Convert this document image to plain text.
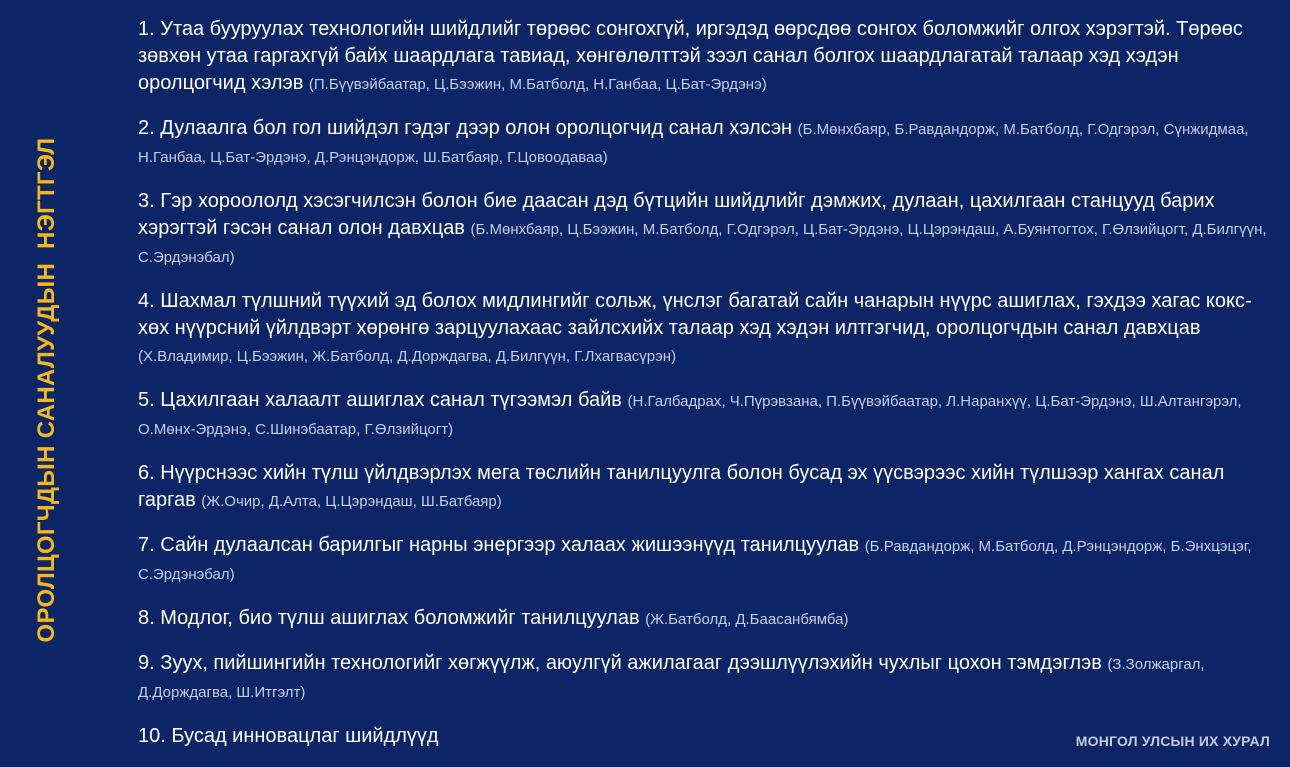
ОРОЛЦОГЧДЫН САНАЛУУДЫН  НЭГТГЭЛ
1. Утаа бууруулах технологийн шийдлийг төрөөс сонгохгүй, иргэдэд өөрсдөө сонгох боломжийг олгох хэрэгтэй. Төрөөс зөвхөн утаа гаргахгүй байх шаардлага тавиад, хөнгөлөлттэй зээл санал болгох шаардлагатай талаар хэд хэдэн оролцогчид хэлэв (П.Бүүвэйбаатар, Ц.Бээжин, М.Батболд, Н.Ганбаа, Ц.Бат-Эрдэнэ)
2. Дулаалга бол гол шийдэл гэдэг дээр олон оролцогчид санал хэлсэн (Б.Мөнхбаяр, Б.Равдандорж, М.Батболд, Г.Одгэрэл, Сүнжидмаа, Н.Ганбаа, Ц.Бат-Эрдэнэ, Д.Рэнцэндорж, Ш.Батбаяр, Г.Цовоодаваа)
3. Гэр хороололд хэсэгчилсэн болон бие даасан дэд бүтцийн шийдлийг дэмжих, дулаан, цахилгаан станцууд барих хэрэгтэй гэсэн санал олон давхцав (Б.Мөнхбаяр, Ц.Бээжин, М.Батболд, Г.Одгэрэл, Ц.Бат-Эрдэнэ, Ц.Цэрэндаш, А.Буянтогтох, Г.Өлзийцогт, Д.Билгүүн, С.Эрдэнэбал)
4. Шахмал түлшний түүхий эд болох мидлингийг сольж, үнслэг багатай сайн чанарын нүүрс ашиглах, гэхдээ хагас кокс-хөх нүүрсний үйлдвэрт хөрөнгө зарцуулахаас зайлсхийх талаар хэд хэдэн илтгэгчид, оролцогчдын санал давхцав (Х.Владимир, Ц.Бээжин, Ж.Батболд, Д.Дорждагва, Д.Билгүүн, Г.Лхагвасүрэн)
5. Цахилгаан халаалт ашиглах санал түгээмэл байв (Н.Галбадрах, Ч.Пүрэвзана, П.Бүүвэйбаатар, Л.Наранхүү, Ц.Бат-Эрдэнэ, Ш.Алтангэрэл, О.Мөнх-Эрдэнэ, С.Шинэбаатар, Г.Өлзийцогт)
6. Нүүрснээс хийн түлш үйлдвэрлэх мега төслийн танилцуулга болон бусад эх үүсвэрээс хийн түлшээр хангах санал гаргав (Ж.Очир, Д.Алта, Ц.Цэрэндаш, Ш.Батбаяр)
7. Сайн дулаалсан барилгыг нарны энергээр халаах жишээнүүд танилцуулав (Б.Равдандорж, М.Батболд, Д.Рэнцэндорж, Б.Энхцэцэг, С.Эрдэнэбал)
8. Модлог, био түлш ашиглах боломжийг танилцуулав (Ж.Батболд, Д.Баасанбямба)
9. Зуух, пийшингийн технологийг хөгжүүлж, аюулгүй ажилагааг дээшлүүлэхийн чухлыг цохон тэмдэглэв (З.Золжаргал, Д.Дорждагва, Ш.Итгэлт)
10. Бусад инновацлаг шийдлүүд	МОНГОЛ УЛСЫН ИХ ХУРАЛ
